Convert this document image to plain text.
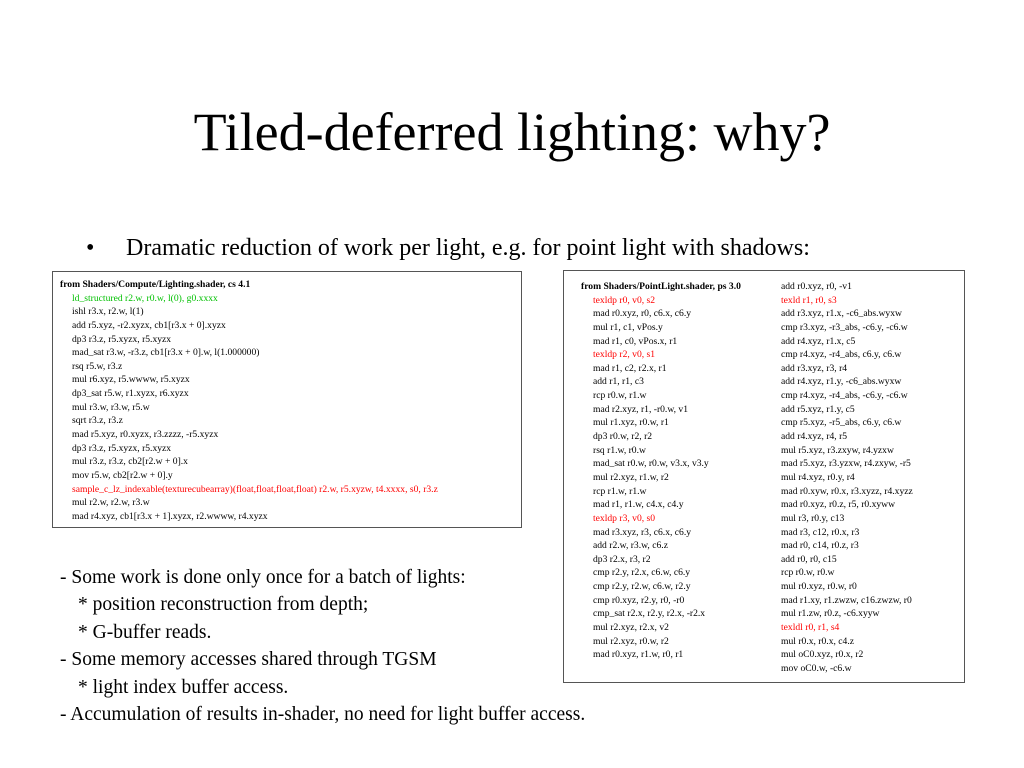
Tiled-deferred lighting: why?
• Dramatic reduction of work per light, e.g. for point light with shadows:
from Shaders/Compute/Lighting.shader, cs 4.1
ld_structured r2.w, r0.w, l(0), g0.xxxx
ishl r3.x, r2.w, l(1)
add r5.xyz, -r2.xyzx, cb1[r3.x + 0].xyzx
dp3 r3.z, r5.xyzx, r5.xyzx
mad_sat r3.w, -r3.z, cb1[r3.x + 0].w, l(1.000000)
rsq r5.w, r3.z
mul r6.xyz, r5.wwww, r5.xyzx
dp3_sat r5.w, r1.xyzx, r6.xyzx
mul r3.w, r3.w, r5.w
sqrt r3.z, r3.z
mad r5.xyz, r0.xyzx, r3.zzzz, -r5.xyzx
dp3 r3.z, r5.xyzx, r5.xyzx
mul r3.z, r3.z, cb2[r2.w + 0].x
mov r5.w, cb2[r2.w + 0].y
sample_c_lz_indexable(texturecubearray)(float,float,float,float) r2.w, r5.xyzw, t4.xxxx, s0, r3.z
mul r2.w, r2.w, r3.w
mad r4.xyz, cb1[r3.x + 1].xyzx, r2.wwww, r4.xyzx
from Shaders/PointLight.shader, ps 3.0
texldp r0, v0, s2
mad r0.xyz, r0, c6.x, c6.y
mul r1, c1, vPos.y
mad r1, c0, vPos.x, r1
texldp r2, v0, s1
mad r1, c2, r2.x, r1
add r1, r1, c3
rcp r0.w, r1.w
mad r2.xyz, r1, -r0.w, v1
mul r1.xyz, r0.w, r1
dp3 r0.w, r2, r2
rsq r1.w, r0.w
mad_sat r0.w, r0.w, v3.x, v3.y
mul r2.xyz, r1.w, r2
rcp r1.w, r1.w
mad r1, r1.w, c4.x, c4.y
texldp r3, v0, s0
mad r3.xyz, r3, c6.x, c6.y
add r2.w, r3.w, c6.z
dp3 r2.x, r3, r2
cmp r2.y, r2.x, c6.w, c6.y
cmp r2.y, r2.w, c6.w, r2.y
cmp r0.xyz, r2.y, r0, -r0
cmp_sat r2.x, r2.y, r2.x, -r2.x
mul r2.xyz, r2.x, v2
mul r2.xyz, r0.w, r2
mad r0.xyz, r1.w, r0, r1
add r0.xyz, r0, -v1
texld r1, r0, s3
add r3.xyz, r1.x, -c6_abs.wyxw
cmp r3.xyz, -r3_abs, -c6.y, -c6.w
add r4.xyz, r1.x, c5
cmp r4.xyz, -r4_abs, c6.y, c6.w
add r3.xyz, r3, r4
add r4.xyz, r1.y, -c6_abs.wyxw
cmp r4.xyz, -r4_abs, -c6.y, -c6.w
add r5.xyz, r1.y, c5
cmp r5.xyz, -r5_abs, c6.y, c6.w
add r4.xyz, r4, r5
mul r5.xyz, r3.zxyw, r4.yzxw
mad r5.xyz, r3.yzxw, r4.zxyw, -r5
mul r4.xyz, r0.y, r4
mad r0.xyw, r0.x, r3.xyzz, r4.xyzz
mad r0.xyz, r0.z, r5, r0.xyww
mul r3, r0.y, c13
mad r3, c12, r0.x, r3
mad r0, c14, r0.z, r3
add r0, r0, c15
rcp r0.w, r0.w
mul r0.xyz, r0.w, r0
mad r1.xy, r1.zwzw, c16.zwzw, r0
mul r1.zw, r0.z, -c6.xyyw
texldl r0, r1, s4
mul r0.x, r0.x, c4.z
mul oC0.xyz, r0.x, r2
mov oC0.w, -c6.w
- Some work is done only once for a batch of lights:
* position reconstruction from depth;
* G-buffer reads.
- Some memory accesses shared through TGSM
* light index buffer access.
- Accumulation of results in-shader, no need for light buffer access.
